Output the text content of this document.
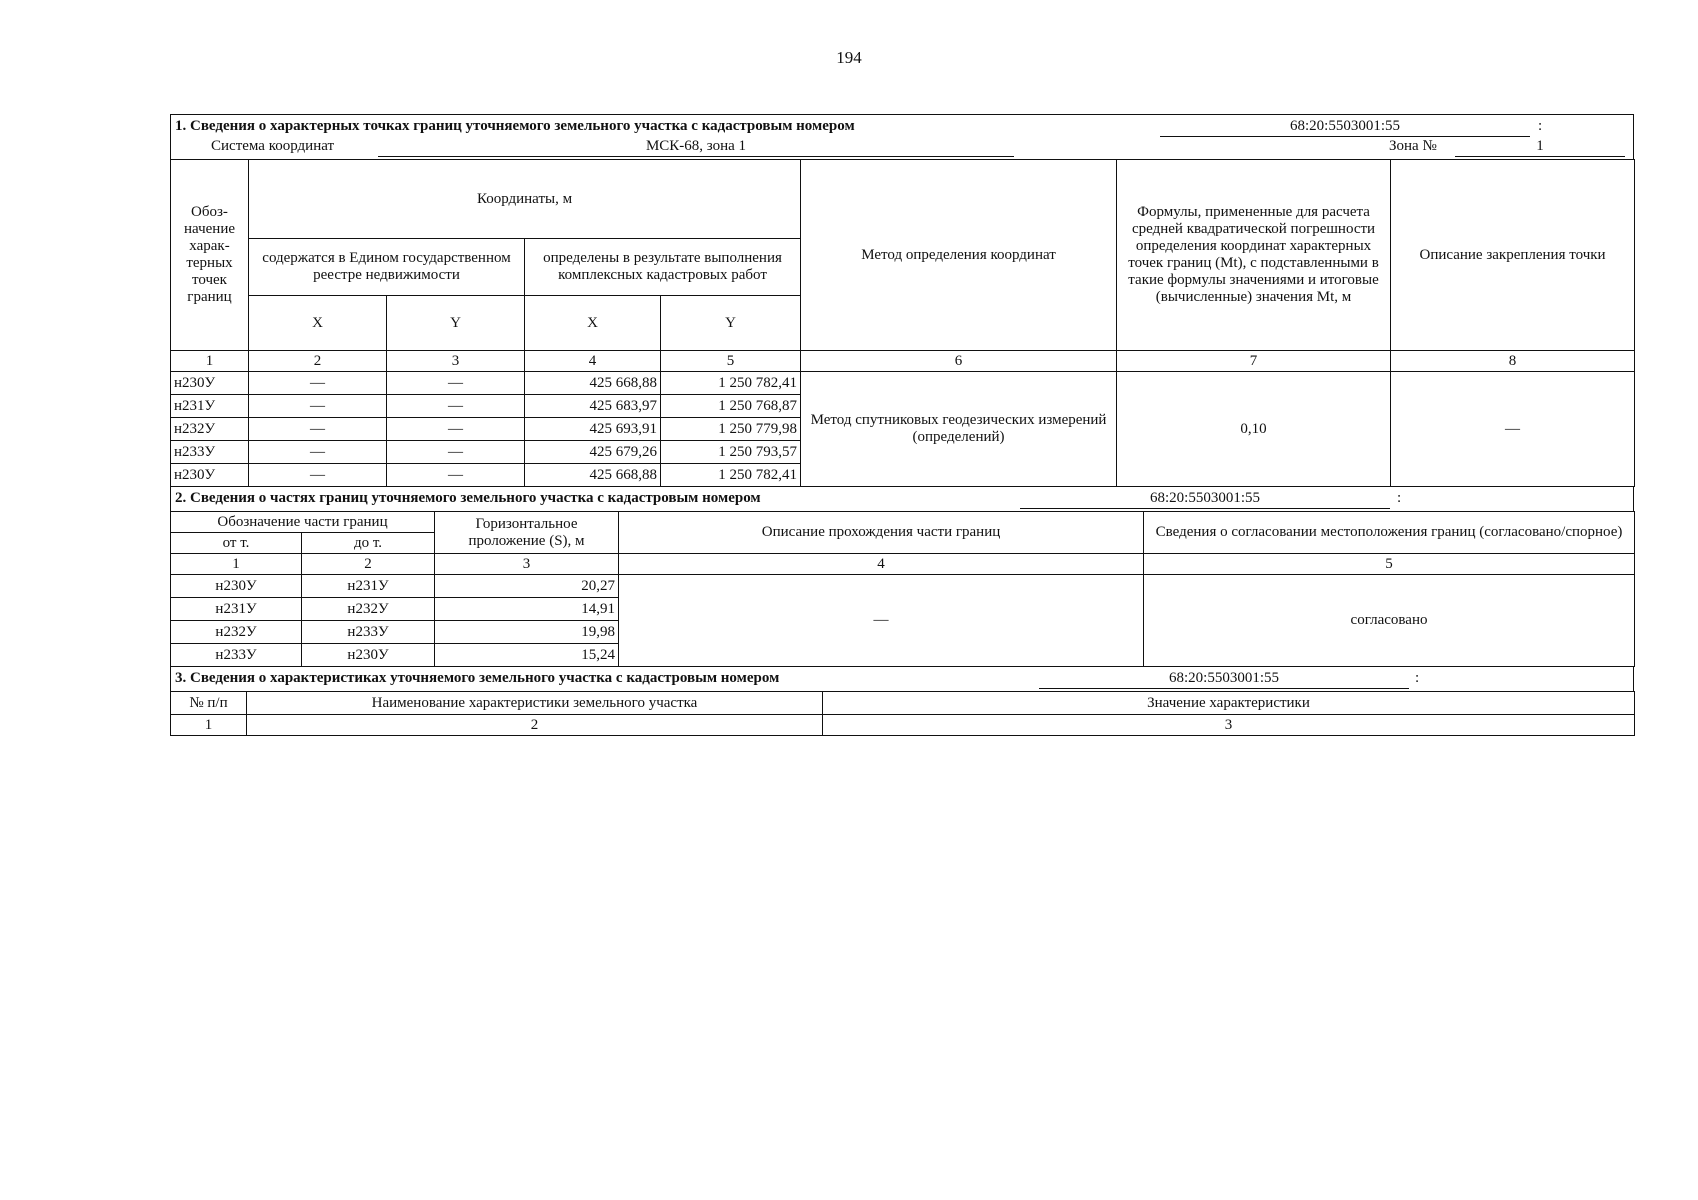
194
1. Сведения о характерных точках границ уточняемого земельного участка с кадастровым номером	68:20:5503001:55	:
Система координат	МСК-68, зона 1	Зона №	1
Обоз-начение харак-терных точек границ	Координаты, м				Метод определения координат	Формулы, примененные для расчета средней квадратической погрешности определения координат характерных точек границ (Mt), с подставленными в такие формулы значениями и итоговые (вычисленные) значения Mt, м	Описание закрепления точки
	содержатся в Едином государственном реестре недвижимости		определены в результате выполнения комплексных кадастровых работ				
	X	Y	X	Y			
1	2	3	4	5	6	7	8
н230У	—	—	425 668,88	1 250 782,41	Метод спутниковых геодезических измерений (определений)	0,10	—
н231У	—	—	425 683,97	1 250 768,87			
н232У	—	—	425 693,91	1 250 779,98			
н233У	—	—	425 679,26	1 250 793,57			
н230У	—	—	425 668,88	1 250 782,41			
2. Сведения о частях границ уточняемого земельного участка с кадастровым номером	68:20:5503001:55	:
Обозначение части границ		Горизонтальное проложение (S), м	Описание прохождения части границ	Сведения о согласовании местоположения границ (согласовано/спорное)
от т.	до т.			
1	2	3	4	5
н230У	н231У	20,27	—	согласовано
н231У	н232У	14,91		
н232У	н233У	19,98		
н233У	н230У	15,24		
3. Сведения о характеристиках уточняемого земельного участка с кадастровым номером	68:20:5503001:55	:
№ п/п	Наименование характеристики земельного участка	Значение характеристики
1	2	3
